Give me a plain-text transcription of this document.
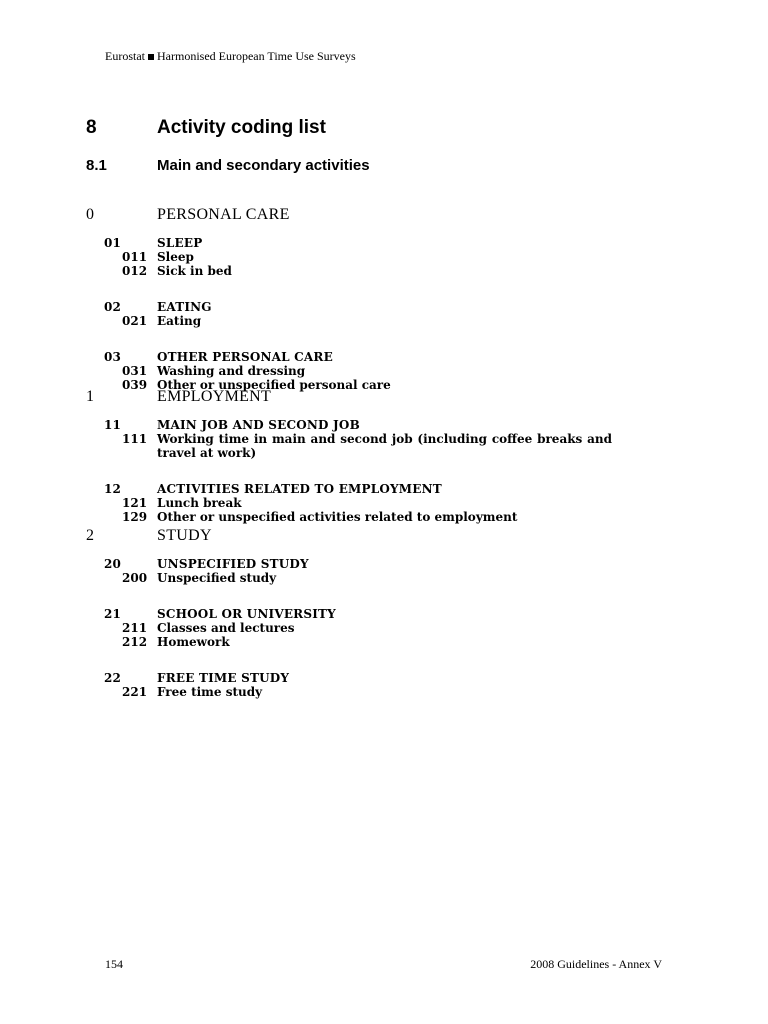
Eurostat Harmonised European Time Use Surveys
8	Activity coding list
8.1	Main and secondary activities
0	PERSONAL CARE
01	SLEEP
011 Sleep
012 Sick in bed
02	EATING
021 Eating
03	OTHER PERSONAL CARE
031 Washing and dressing
039 Other or unspecified personal care
1	EMPLOYMENT
11	MAIN JOB AND SECOND JOB
111 Working time in main and second job (including coffee breaks and travel at work)
12	ACTIVITIES RELATED TO EMPLOYMENT
121 Lunch break
129 Other or unspecified activities related to employment
2	STUDY
20	UNSPECIFIED STUDY
200 Unspecified study
21	SCHOOL OR UNIVERSITY
211 Classes and lectures
212 Homework
22	FREE TIME STUDY
221 Free time study
154	2008 Guidelines - Annex V
